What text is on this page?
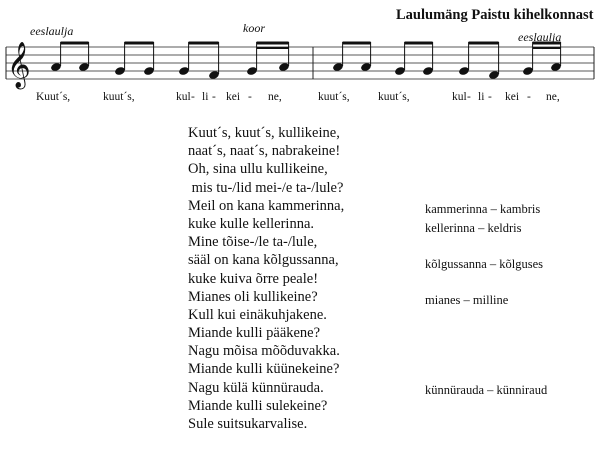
Laulumäng Paistu kihelkonnast
eeslaulja	koor
eeslaulja
𝄞
Kuut´s,	kuut´s,	kul - li - kei - ne,	kuut´s, kuut´s,	kul - li - kei - ne,
Kuut´s, kuut´s, kullikeine,
naat´s, naat´s, nabrakeine!
Oh, sina ullu kullikeine,
mis tu-/lid mei-/e ta-/lule?
Meil on kana kammerinna,
kuke kulle kellerinna.
Mine tõise-/le ta-/lule,
sääl on kana kõlgussanna,
kuke kuiva õrre peale!
Mianes oli kullikeine?
Kull kui einäkuhjakene.
Miande kulli pääkene?
Nagu mõisa mõõduvakka.
Miande kulli küünekeine?
Nagu külä künnürauda.
Miande kulli sulekeine?
Sule suitsukarvalise.
kammerinna – kambris
kellerinna – keldris
kõlgussanna – kõlguses
mianes – milline
künnürauda – künniraud
